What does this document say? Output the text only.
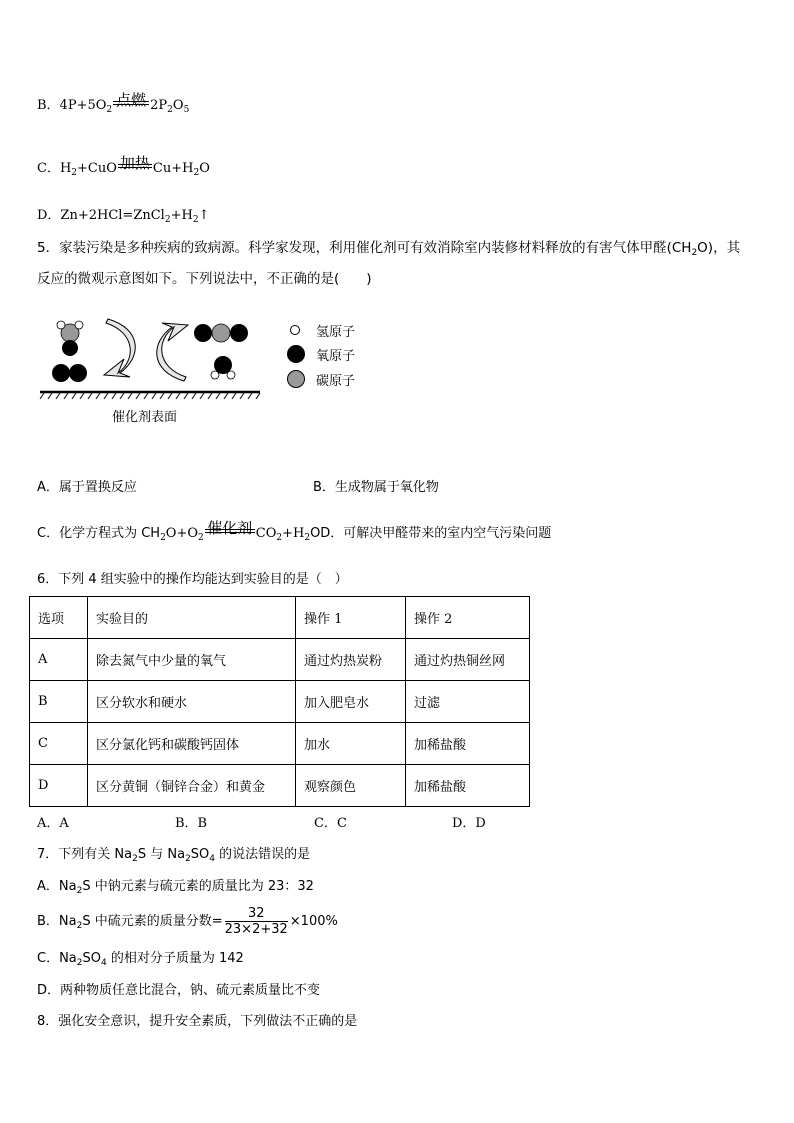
B．$4P+5O_2$
点燃 $2P_2O_5$
C．$H_2+CuO$ 加热 $Cu+H_2O$
D．$Zn+2HCl=ZnCl_2+H_2↑$
5．家装污染是多种疾病的致病源。科学家发现，利用催化剂可有效消除室内装修材料释放的有害气体甲醛$(CH_2O)$，其
反应的微观示意图如下。下列说法中，不正确的是(　　)
催化剂表面
氢原子
氧原子
碳原子
A．属于置换反应	B．生成物属于氧化物
C．化学方程式为 $CH_2O+O_2$
催化剂 $CO_2+H_2OD$．可解决甲醛带来的室内空气污染问题
6．下列 4 组实验中的操作均能达到实验目的是（　）
选项	实验目的	操作 1	操作 2
A	除去氮气中少量的氧气	通过灼热炭粉	通过灼热铜丝网
B	区分软水和硬水	加入肥皂水	过滤
C	区分氯化钙和碳酸钙固体	加水	加稀盐酸
D	区分黄铜（铜锌合金）和黄金	观察颜色	加稀盐酸
A．A	B．B	C．C	D．D
7．下列有关 $Na_2S$ 与 $Na_2SO_4$ 的说法错误的是
A．$Na_2S$ 中钠元素与硫元素的质量比为 23：32
B．$Na_2S$ 中硫元素的质量分数= $\frac{32}{23\times 2+32} \times 100\%$
C．$Na_2SO_4$ 的相对分子质量为 142
D．两种物质任意比混合，钠、硫元素质量比不变
8．强化安全意识，提升安全素质，下列做法不正确的是
